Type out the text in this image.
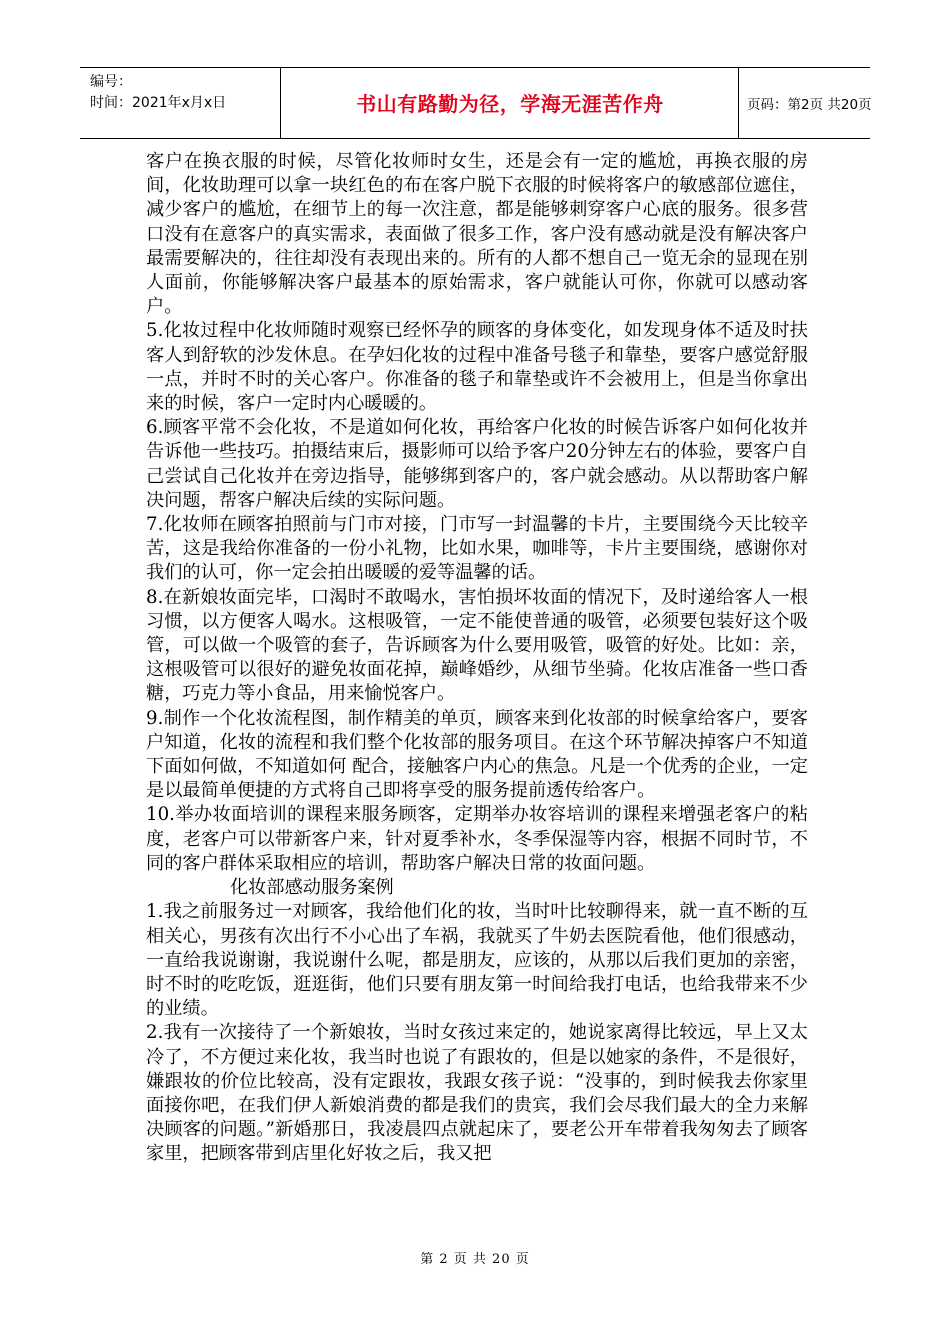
编号：
时间：2021年x月x日	书山有路勤为径，学海无涯苦作舟	页码：第2页 共20页

客户在换衣服的时候，尽管化妆师时女生，还是会有一定的尴尬，再换衣服的房间，化妆助理可以拿一块红色的布在客户脱下衣服的时候将客户的敏感部位遮住，减少客户的尴尬，在细节上的每一次注意，都是能够刺穿客户心底的服务。很多营口没有在意客户的真实需求，表面做了很多工作，客户没有感动就是没有解决客户最需要解决的，往往却没有表现出来的。所有的人都不想自己一览无余的显现在别人面前，你能够解决客户最基本的原始需求，客户就能认可你，你就可以感动客户。

5.化妆过程中化妆师随时观察已经怀孕的顾客的身体变化，如发现身体不适及时扶客人到舒软的沙发休息。在孕妇化妆的过程中准备号毯子和靠垫，要客户感觉舒服一点，并时不时的关心客户。你准备的毯子和靠垫或许不会被用上，但是当你拿出来的时候，客户一定时内心暖暖的。

6.顾客平常不会化妆，不是道如何化妆，再给客户化妆的时候告诉客户如何化妆并告诉他一些技巧。拍摄结束后，摄影师可以给予客户20分钟左右的体验，要客户自己尝试自己化妆并在旁边指导，能够绑到客户的，客户就会感动。从以帮助客户解决问题，帮客户解决后续的实际问题。

7.化妆师在顾客拍照前与门市对接，门市写一封温馨的卡片，主要围绕今天比较辛苦，这是我给你准备的一份小礼物，比如水果，咖啡等，卡片主要围绕，感谢你对我们的认可，你一定会拍出暖暖的爱等温馨的话。

8.在新娘妆面完毕，口渴时不敢喝水，害怕损坏妆面的情况下，及时递给客人一根习惯，以方便客人喝水。这根吸管，一定不能使普通的吸管，必须要包装好这个吸管，可以做一个吸管的套子，告诉顾客为什么要用吸管，吸管的好处。比如：亲，这根吸管可以很好的避免妆面花掉，巅峰婚纱，从细节坐骑。化妆店准备一些口香糖，巧克力等小食品，用来愉悦客户。

9.制作一个化妆流程图，制作精美的单页，顾客来到化妆部的时候拿给客户，要客户知道，化妆的流程和我们整个化妆部的服务项目。在这个环节解决掉客户不知道下面如何做，不知道如何 配合，接触客户内心的焦急。凡是一个优秀的企业，一定是以最简单便捷的方式将自己即将享受的服务提前透传给客户。

10.举办妆面培训的课程来服务顾客，定期举办妆容培训的课程来增强老客户的粘度，老客户可以带新客户来，针对夏季补水，冬季保湿等内容，根据不同时节，不同的客户群体采取相应的培训，帮助客户解决日常的妆面问题。

化妆部感动服务案例

1.我之前服务过一对顾客，我给他们化的妆，当时叶比较聊得来，就一直不断的互相关心，男孩有次出行不小心出了车祸，我就买了牛奶去医院看他，他们很感动，一直给我说谢谢，我说谢什么呢，都是朋友，应该的，从那以后我们更加的亲密，时不时的吃吃饭，逛逛街，他们只要有朋友第一时间给我打电话，也给我带来不少的业绩。

2.我有一次接待了一个新娘妆，当时女孩过来定的，她说家离得比较远，早上又太冷了，不方便过来化妆，我当时也说了有跟妆的，但是以她家的条件，不是很好，嫌跟妆的价位比较高，没有定跟妆，我跟女孩子说：“没事的，到时候我去你家里面接你吧，在我们伊人新娘消费的都是我们的贵宾，我们会尽我们最大的全力来解决顾客的问题。”新婚那日，我凌晨四点就起床了，要老公开车带着我匆匆去了顾客家里，把顾客带到店里化好妆之后，我又把

第 2 页 共 20 页
